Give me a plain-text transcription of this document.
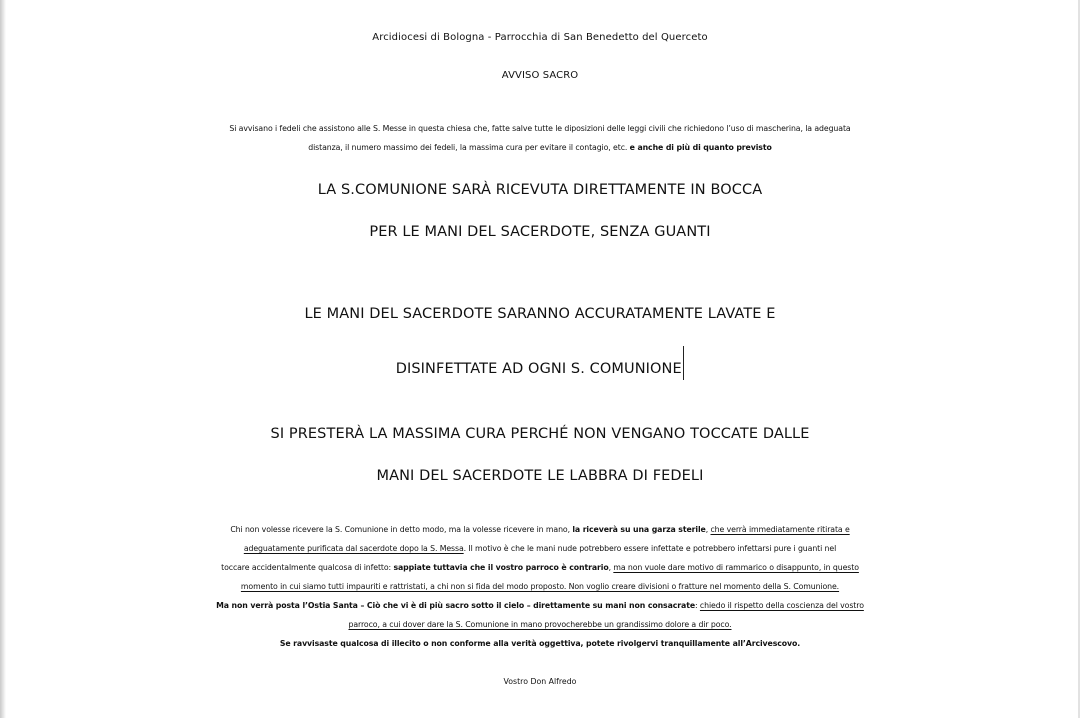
Arcidiocesi di Bologna - Parrocchia di San Benedetto del Querceto
AVVISO SACRO
Si avvisano i fedeli che assistono alle S. Messe in questa chiesa che, fatte salve tutte le diposizioni delle leggi civili che richiedono l’uso di mascherina, la adeguata
distanza, il numero massimo dei fedeli, la massima cura per evitare il contagio, etc. e anche di più di quanto previsto
LA S.COMUNIONE SARÀ RICEVUTA DIRETTAMENTE IN BOCCA
PER LE MANI DEL SACERDOTE, SENZA GUANTI
LE MANI DEL SACERDOTE SARANNO ACCURATAMENTE LAVATE E
DISINFETTATE AD OGNI S. COMUNIONE
SI PRESTERÀ LA MASSIMA CURA PERCHÉ NON VENGANO TOCCATE DALLE
MANI DEL SACERDOTE LE LABBRA DI FEDELI
Chi non volesse ricevere la S. Comunione in detto modo, ma la volesse ricevere in mano, la riceverà su una garza sterile, che verrà immediatamente ritirata e
adeguatamente purificata dal sacerdote dopo la S. Messa. Il motivo è che le mani nude potrebbero essere infettate e potrebbero infettarsi pure i guanti nel
toccare accidentalmente qualcosa di infetto: sappiate tuttavia che il vostro parroco è contrario, ma non vuole dare motivo di rammarico o disappunto, in questo
momento in cui siamo tutti impauriti e rattristati, a chi non si fida del modo proposto. Non voglio creare divisioni o fratture nel momento della S. Comunione.
Ma non verrà posta l’Ostia Santa – Ciò che vi è di più sacro sotto il cielo – direttamente su mani non consacrate: chiedo il rispetto della coscienza del vostro
parroco, a cui dover dare la S. Comunione in mano provocherebbe un grandissimo dolore a dir poco.
Se ravvisaste qualcosa di illecito o non conforme alla verità oggettiva, potete rivolgervi tranquillamente all’Arcivescovo.
Vostro Don Alfredo
